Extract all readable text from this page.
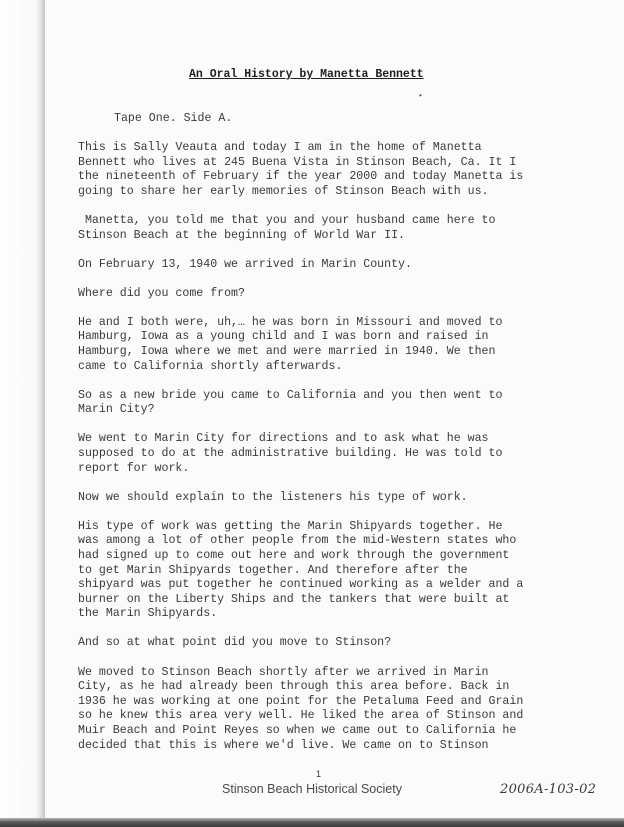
An Oral History by Manetta Bennett
•

Tape One. Side A.

This is Sally Veauta and today I am in the home of Manetta
Bennett who lives at 245 Buena Vista in Stinson Beach, Ca. It I
the nineteenth of February if the year 2000 and today Manetta is
going to share her early memories of Stinson Beach with us.

Manetta, you told me that you and your husband came here to
Stinson Beach at the beginning of World War II.

On February 13, 1940 we arrived in Marin County.

Where did you come from?

He and I both were, uh,… he was born in Missouri and moved to
Hamburg, Iowa as a young child and I was born and raised in
Hamburg, Iowa where we met and were married in 1940. We then
came to California shortly afterwards.

So as a new bride you came to California and you then went to
Marin City?

We went to Marin City for directions and to ask what he was
supposed to do at the administrative building. He was told to
report for work.

Now we should explain to the listeners his type of work.

His type of work was getting the Marin Shipyards together. He
was among a lot of other people from the mid-Western states who
had signed up to come out here and work through the government
to get Marin Shipyards together. And therefore after the
shipyard was put together he continued working as a welder and a
burner on the Liberty Ships and the tankers that were built at
the Marin Shipyards.

And so at what point did you move to Stinson?

We moved to Stinson Beach shortly after we arrived in Marin
City, as he had already been through this area before. Back in
1936 he was working at one point for the Petaluma Feed and Grain
so he knew this area very well. He liked the area of Stinson and
Muir Beach and Point Reyes so when we came out to California he
decided that this is where we'd live. We came on to Stinson

1
Stinson Beach Historical Society	2006A-103-02
